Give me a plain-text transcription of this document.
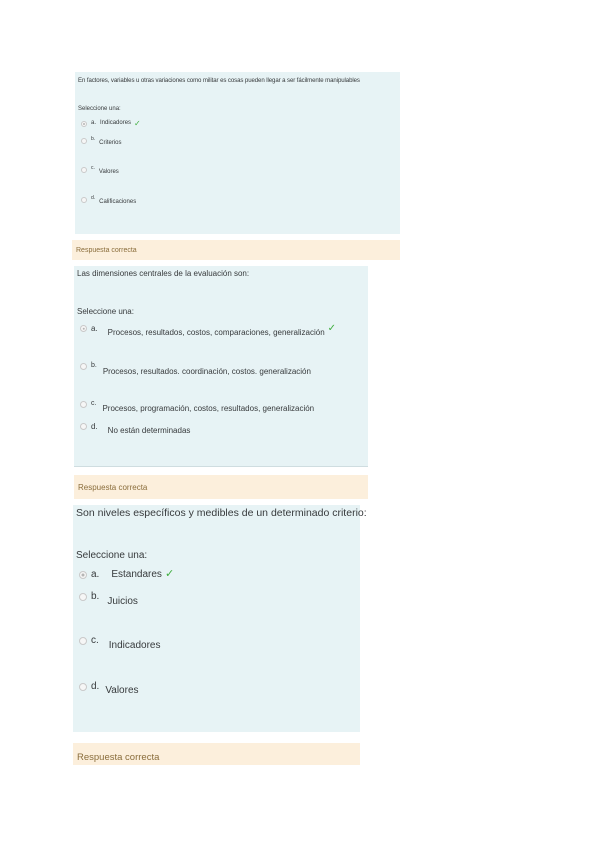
En factores, variables u otras variaciones como militar es cosas pueden llegar a ser fácilmente manipulables
Seleccione una:
a. Indicadores ✓
b.
Criterios
c.
Valores
d.
Calificaciones
Respuesta correcta
Las dimensiones centrales de la evaluación son:
Seleccione una:
a. Procesos, resultados, costos, comparaciones, generalización ✓
b.
Procesos, resultados. coordinación, costos. generalización
c.
Procesos, programación, costos, resultados, generalización
d. No están determinadas
Respuesta correcta
Son niveles específicos y medibles de un determinado criterio:
Seleccione una:
a. Estandares ✓
b. Juicios
c. Indicadores
d. Valores
Respuesta correcta
